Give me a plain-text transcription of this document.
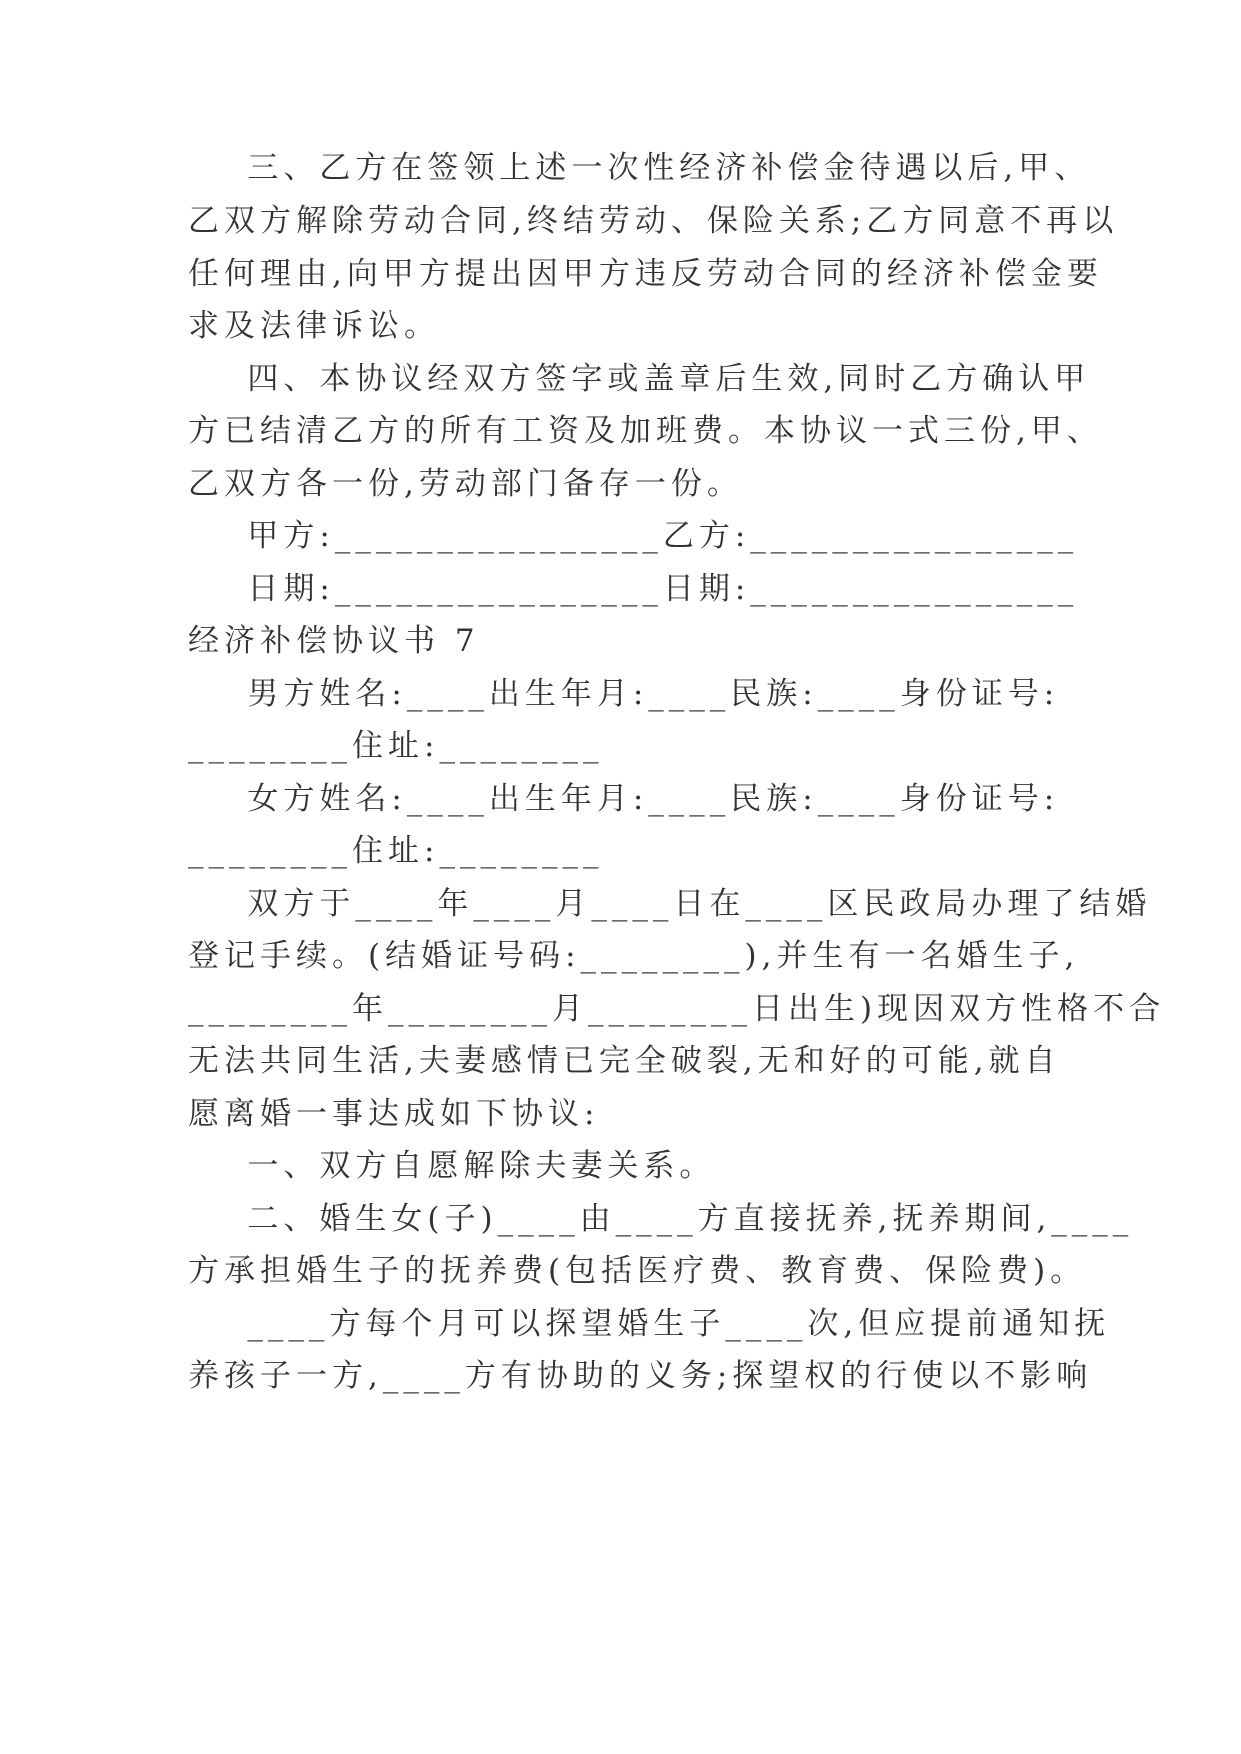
三、乙方在签领上述一次性经济补偿金待遇以后,甲、
乙双方解除劳动合同,终结劳动、保险关系;乙方同意不再以
任何理由,向甲方提出因甲方违反劳动合同的经济补偿金要
求及法律诉讼。
四、本协议经双方签字或盖章后生效,同时乙方确认甲
方已结清乙方的所有工资及加班费。本协议一式三份,甲、
乙双方各一份,劳动部门备存一份。
甲方:________________乙方:________________
日期:________________日期:________________
经济补偿协议书 7
男方姓名:____出生年月:____民族:____身份证号:
________住址:________
女方姓名:____出生年月:____民族:____身份证号:
________住址:________
双方于____年____月____日在____区民政局办理了结婚
登记手续。(结婚证号码:________),并生有一名婚生子,
________年________月________日出生)现因双方性格不合
无法共同生活,夫妻感情已完全破裂,无和好的可能,就自
愿离婚一事达成如下协议:
一、双方自愿解除夫妻关系。
二、婚生女(子)____由____方直接抚养,抚养期间,____
方承担婚生子的抚养费(包括医疗费、教育费、保险费)。
____方每个月可以探望婚生子____次,但应提前通知抚
养孩子一方,____方有协助的义务;探望权的行使以不影响
